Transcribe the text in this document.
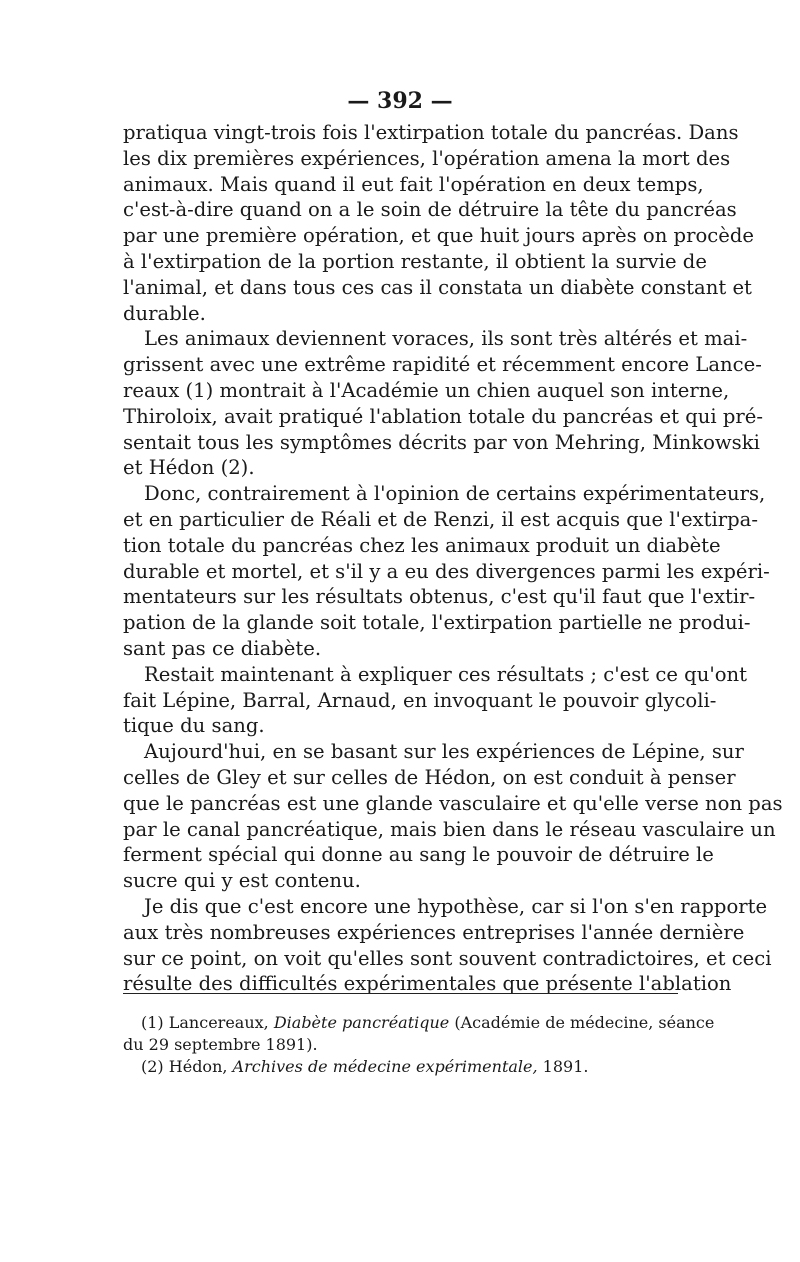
— 392 —
pratiqua vingt-trois fois l'extirpation totale du pancréas. Dans
les dix premières expériences, l'opération amena la mort des
animaux. Mais quand il eut fait l'opération en deux temps,
c'est-à-dire quand on a le soin de détruire la tête du pancréas
par une première opération, et que huit jours après on procède
à l'extirpation de la portion restante, il obtient la survie de
l'animal, et dans tous ces cas il constata un diabète constant et
durable.
Les animaux deviennent voraces, ils sont très altérés et mai-
grissent avec une extrême rapidité et récemment encore Lance-
reaux (1) montrait à l'Académie un chien auquel son interne,
Thiroloix, avait pratiqué l'ablation totale du pancréas et qui pré-
sentait tous les symptômes décrits par von Mehring, Minkowski
et Hédon (2).
Donc, contrairement à l'opinion de certains expérimentateurs,
et en particulier de Réali et de Renzi, il est acquis que l'extirpa-
tion totale du pancréas chez les animaux produit un diabète
durable et mortel, et s'il y a eu des divergences parmi les expéri-
mentateurs sur les résultats obtenus, c'est qu'il faut que l'extir-
pation de la glande soit totale, l'extirpation partielle ne produi-
sant pas ce diabète.
Restait maintenant à expliquer ces résultats ; c'est ce qu'ont
fait Lépine, Barral, Arnaud, en invoquant le pouvoir glycoli-
tique du sang.
Aujourd'hui, en se basant sur les expériences de Lépine, sur
celles de Gley et sur celles de Hédon, on est conduit à penser
que le pancréas est une glande vasculaire et qu'elle verse non pas
par le canal pancréatique, mais bien dans le réseau vasculaire un
ferment spécial qui donne au sang le pouvoir de détruire le
sucre qui y est contenu.
Je dis que c'est encore une hypothèse, car si l'on s'en rapporte
aux très nombreuses expériences entreprises l'année dernière
sur ce point, on voit qu'elles sont souvent contradictoires, et ceci
résulte des difficultés expérimentales que présente l'ablation
(1) Lancereaux, Diabète pancréatique (Académie de médecine, séance
du 29 septembre 1891).
(2) Hédon, Archives de médecine expérimentale, 1891.
